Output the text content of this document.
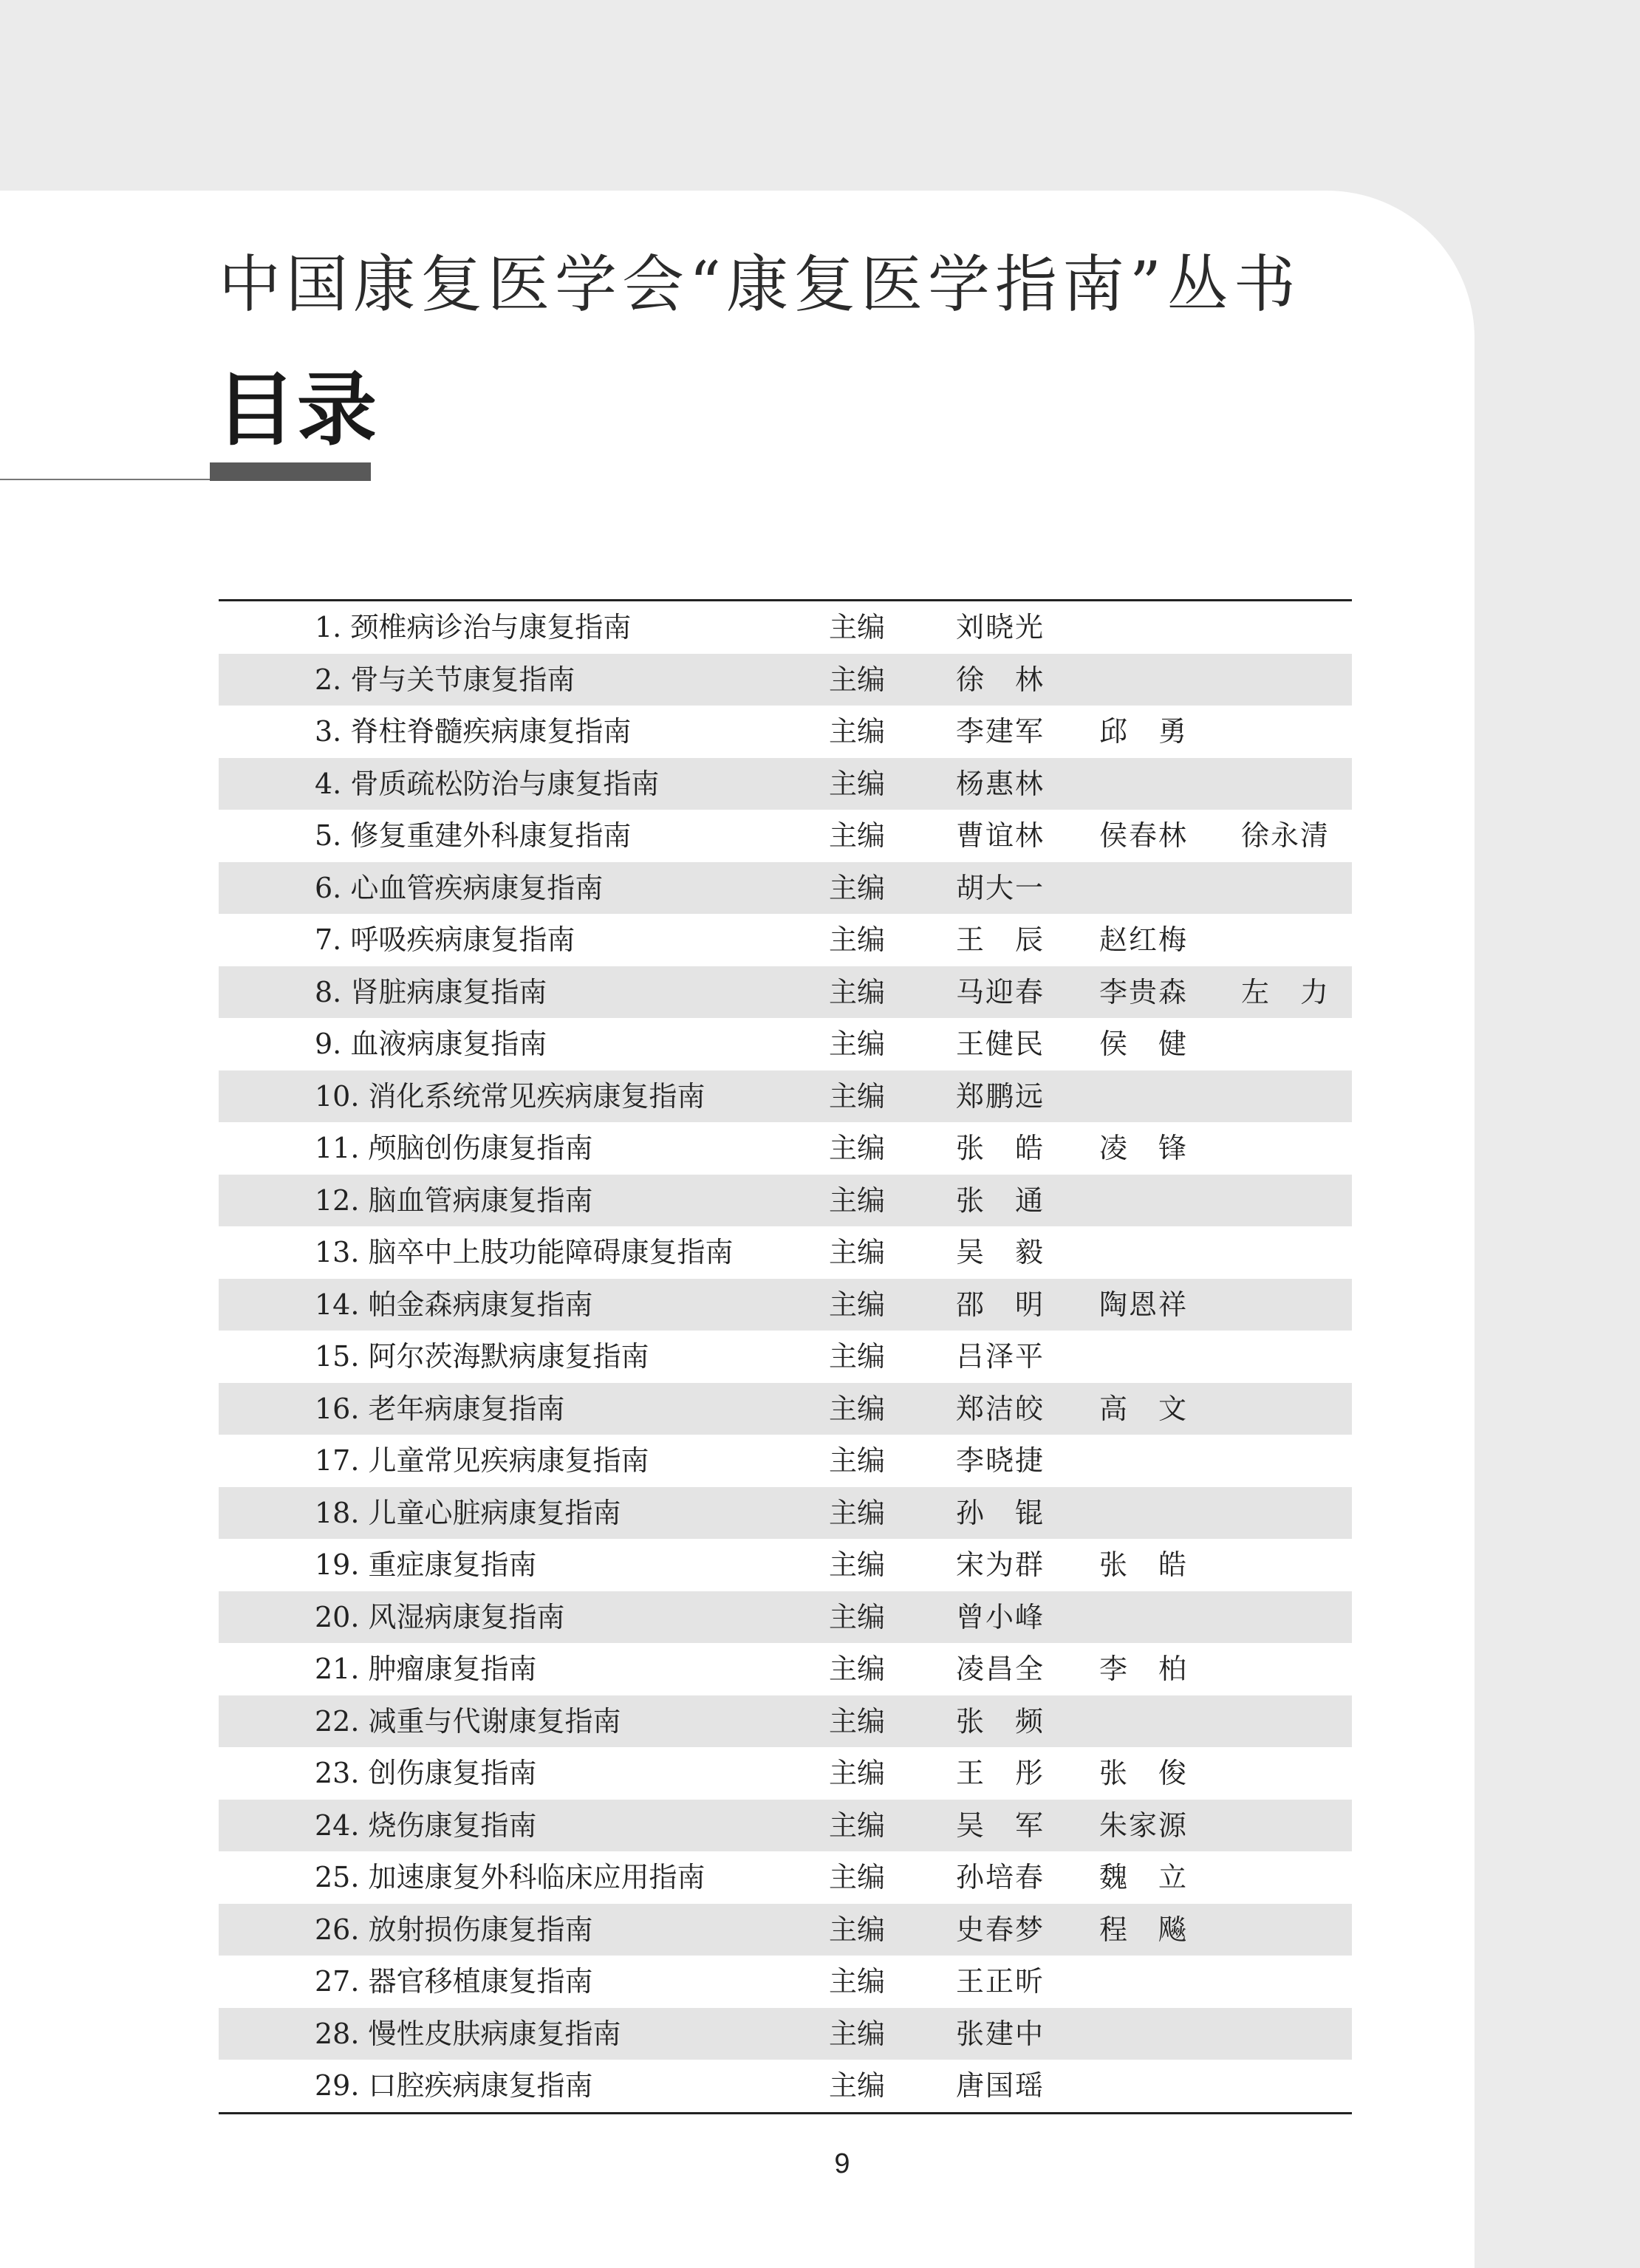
中国康复医学会“康复医学指南”丛书
目录
1. 颈椎病诊治与康复指南	主编	刘晓光
2. 骨与关节康复指南	主编	徐　林
3. 脊柱脊髓疾病康复指南	主编	李建军 邱　勇
4. 骨质疏松防治与康复指南	主编	杨惠林
5. 修复重建外科康复指南	主编	曹谊林 侯春林 徐永清
6. 心血管疾病康复指南	主编	胡大一
7. 呼吸疾病康复指南	主编	王　辰 赵红梅
8. 肾脏病康复指南	主编	马迎春 李贵森 左　力
9. 血液病康复指南	主编	王健民 侯　健
10. 消化系统常见疾病康复指南	主编	郑鹏远
11. 颅脑创伤康复指南	主编	张　皓 凌　锋
12. 脑血管病康复指南	主编	张　通
13. 脑卒中上肢功能障碍康复指南	主编	吴　毅
14. 帕金森病康复指南	主编	邵　明 陶恩祥
15. 阿尔茨海默病康复指南	主编	吕泽平
16. 老年病康复指南	主编	郑洁皎 高　文
17. 儿童常见疾病康复指南	主编	李晓捷
18. 儿童心脏病康复指南	主编	孙　锟
19. 重症康复指南	主编	宋为群 张　皓
20. 风湿病康复指南	主编	曾小峰
21. 肿瘤康复指南	主编	凌昌全 李　柏
22. 减重与代谢康复指南	主编	张　频
23. 创伤康复指南	主编	王　彤 张　俊
24. 烧伤康复指南	主编	吴　军 朱家源
25. 加速康复外科临床应用指南	主编	孙培春 魏　立
26. 放射损伤康复指南	主编	史春梦 程　飚
27. 器官移植康复指南	主编	王正昕
28. 慢性皮肤病康复指南	主编	张建中
29. 口腔疾病康复指南	主编	唐国瑶
9
